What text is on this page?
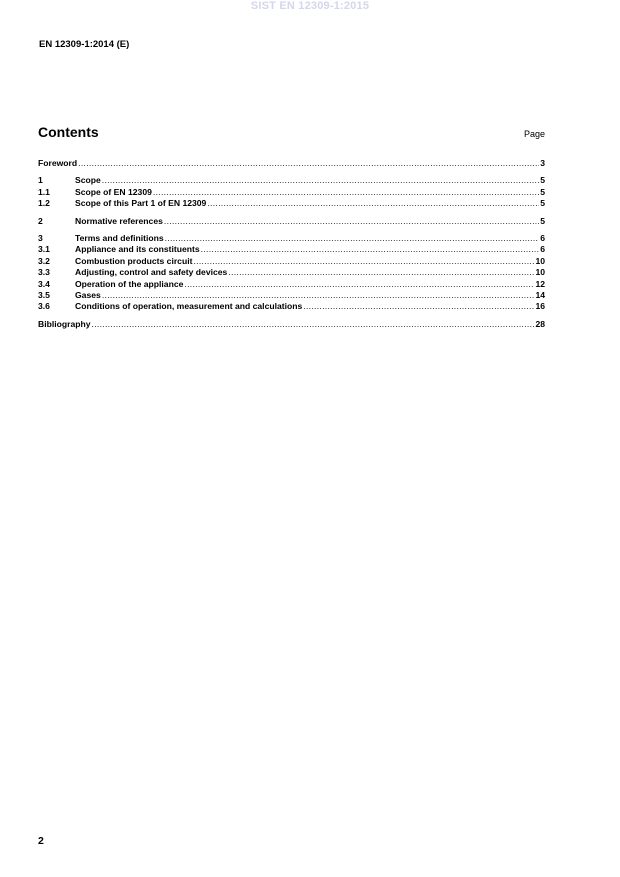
SIST EN 12309-1:2015
EN 12309-1:2014 (E)
Contents	Page
Foreword .....	3
1	Scope .....	5
1.1	Scope of EN 12309 .....	5
1.2	Scope of this Part 1 of EN 12309 .....	5
2	Normative references .....	5
3	Terms and definitions .....	6
3.1	Appliance and its constituents .....	6
3.2	Combustion products circuit .....	10
3.3	Adjusting, control and safety devices .....	10
3.4	Operation of the appliance .....	12
3.5	Gases .....	14
3.6	Conditions of operation, measurement and calculations .....	16
Bibliography .....	28
2
